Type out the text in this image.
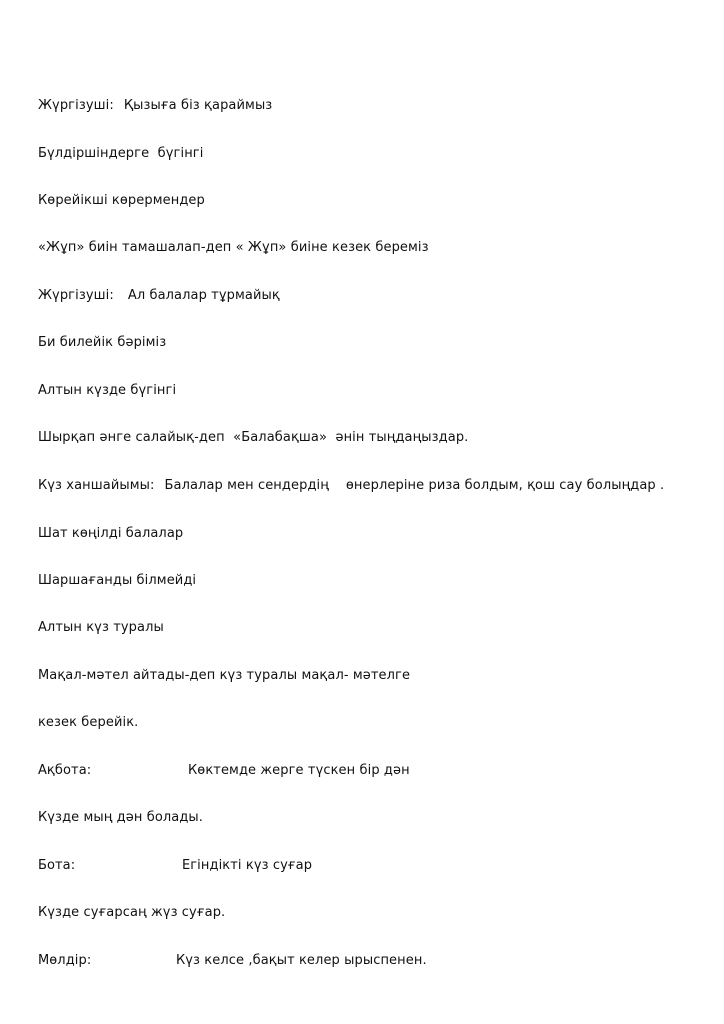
Жүргізуші: Қызыға біз қараймыз

Бүлдіршіндерге  бүгінгі

Көрейікші көрермендер

«Жұп» биін тамашалап-деп « Жұп» биіне кезек береміз

Жүргізуші: Ал балалар тұрмайық

Би билейік бәріміз

Алтын күзде бүгінгі

Шырқап әнге салайық-деп  «Балабақша»  әнін тыңдаңыздар.

Күз ханшайымы: Балалар мен сендердің    өнерлеріне риза болдым, қош сау болыңдар .

Шат көңілді балалар

Шаршағанды білмейді

Алтын күз туралы

Мақал-мәтел айтады-деп күз туралы мақал- мәтелге

кезек берейік.

Ақбота:	Көктемде жерге түскен бір дән

Күзде мың дән болады.

Бота:	Егіндікті күз суғар

Күзде суғарсаң жүз суғар.

Мөлдір:	Күз келсе ,бақыт келер ырыспенен.
